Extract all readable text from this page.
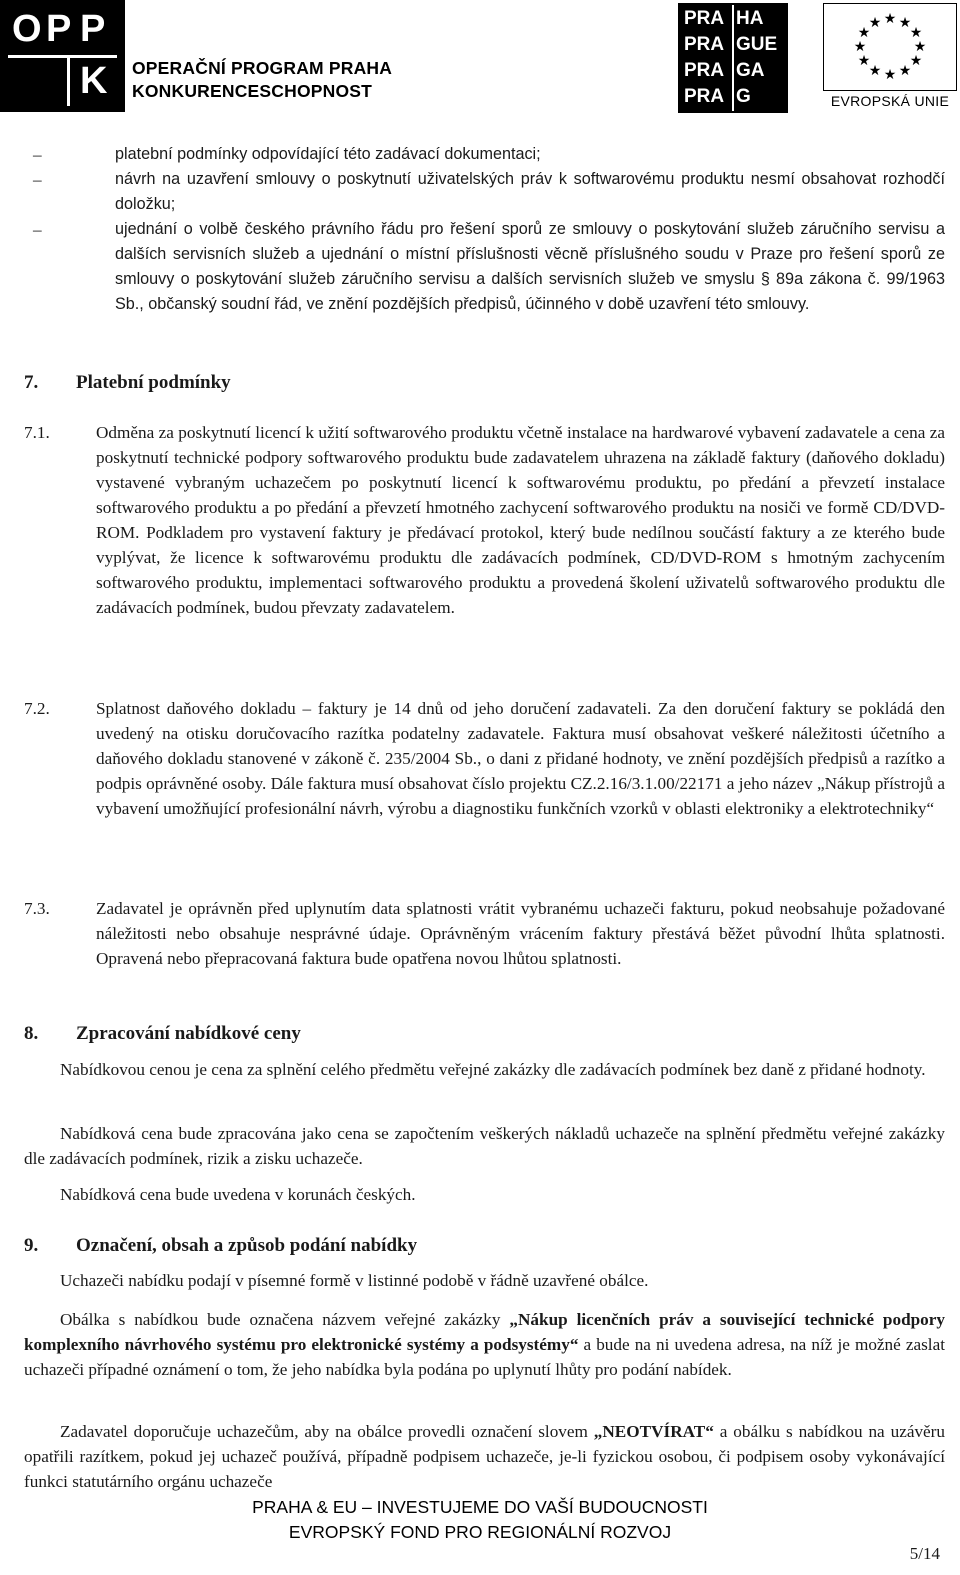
O P P
K OPERAČNÍ PROGRAM PRAHA
KONKURENCESCHOPNOST
PRA HA
PRA GUE
PRA GA
PRA G
★ ★
★
★
★
★
★
★
★
★
★
★
EVROPSKÁ UNIE
–	platební podmínky odpovídající této zadávací dokumentaci;

–	návrh na uzavření smlouvy o poskytnutí uživatelských práv k softwarovému produktu nesmí obsahovat rozhodčí doložku;

–	ujednání o volbě českého právního řádu pro řešení sporů ze smlouvy o poskytování služeb záručního servisu a dalších servisních služeb a ujednání o místní příslušnosti věcně příslušného soudu v Praze pro řešení sporů ze smlouvy o poskytování služeb záručního servisu a dalších servisních služeb ve smyslu § 89a zákona č. 99/1963 Sb., občanský soudní řád, ve znění pozdějších předpisů, účinného v době uzavření této smlouvy.

7. Platební podmínky
7.1.	Odměna za poskytnutí licencí k užití softwarového produktu včetně instalace na hardwarové vybavení zadavatele a cena za poskytnutí technické podpory softwarového produktu bude zadavatelem uhrazena na základě faktury (daňového dokladu) vystavené vybraným uchazečem po poskytnutí licencí k softwarovému produktu, po předání a převzetí instalace softwarového produktu a po předání a převzetí hmotného zachycení softwarového produktu na nosiči ve formě CD/DVD-ROM. Podkladem pro vystavení faktury je předávací protokol, který bude nedílnou součástí faktury a ze kterého bude vyplývat, že licence k softwarovému produktu dle zadávacích podmínek, CD/DVD-ROM s hmotným zachycením softwarového produktu, implementaci softwarového produktu a provedená školení uživatelů softwarového produktu dle zadávacích podmínek, budou převzaty zadavatelem.

7.2.	Splatnost daňového dokladu – faktury je 14 dnů od jeho doručení zadavateli. Za den doručení faktury se pokládá den uvedený na otisku doručovacího razítka podatelny zadavatele. Faktura musí obsahovat veškeré náležitosti účetního a daňového dokladu stanovené v zákoně č. 235/2004 Sb., o dani z přidané hodnoty, ve znění pozdějších předpisů a razítko a podpis oprávněné osoby. Dále faktura musí obsahovat číslo projektu CZ.2.16/3.1.00/22171 a jeho název „Nákup přístrojů a vybavení umožňující profesionální návrh, výrobu a diagnostiku funkčních vzorků v oblasti elektroniky a elektrotechniky“

7.3.	Zadavatel je oprávněn před uplynutím data splatnosti vrátit vybranému uchazeči fakturu, pokud neobsahuje požadované náležitosti nebo obsahuje nesprávné údaje. Oprávněným vrácením faktury přestává běžet původní lhůta splatnosti. Opravená nebo přepracovaná faktura bude opatřena novou lhůtou splatnosti.

8. Zpracování nabídkové ceny

Nabídkovou cenou je cena za splnění celého předmětu veřejné zakázky dle zadávacích podmínek bez daně z přidané hodnoty.

Nabídková cena bude zpracována jako cena se započtením veškerých nákladů uchazeče na splnění předmětu veřejné zakázky dle zadávacích podmínek, rizik a zisku uchazeče.

Nabídková cena bude uvedena v korunách českých.

9. Označení, obsah a způsob podání nabídky

Uchazeči nabídku podají v písemné formě v listinné podobě v řádně uzavřené obálce.

Obálka s nabídkou bude označena názvem veřejné zakázky „Nákup licenčních práv a související technické podpory komplexního návrhového systému pro elektronické systémy a podsystémy“ a bude na ni uvedena adresa, na níž je možné zaslat uchazeči případné oznámení o tom, že jeho nabídka byla podána po uplynutí lhůty pro podání nabídek.

Zadavatel doporučuje uchazečům, aby na obálce provedli označení slovem „NEOTVÍRAT“ a obálku s nabídkou na uzávěru opatřili razítkem, pokud jej uchazeč používá, případně podpisem uchazeče, je-li fyzickou osobou, či podpisem osoby vykonávající funkci statutárního orgánu uchazeče

PRAHA & EU – INVESTUJEME DO VAŠÍ BUDOUCNOSTI
EVROPSKÝ FOND PRO REGIONÁLNÍ ROZVOJ
5/14
